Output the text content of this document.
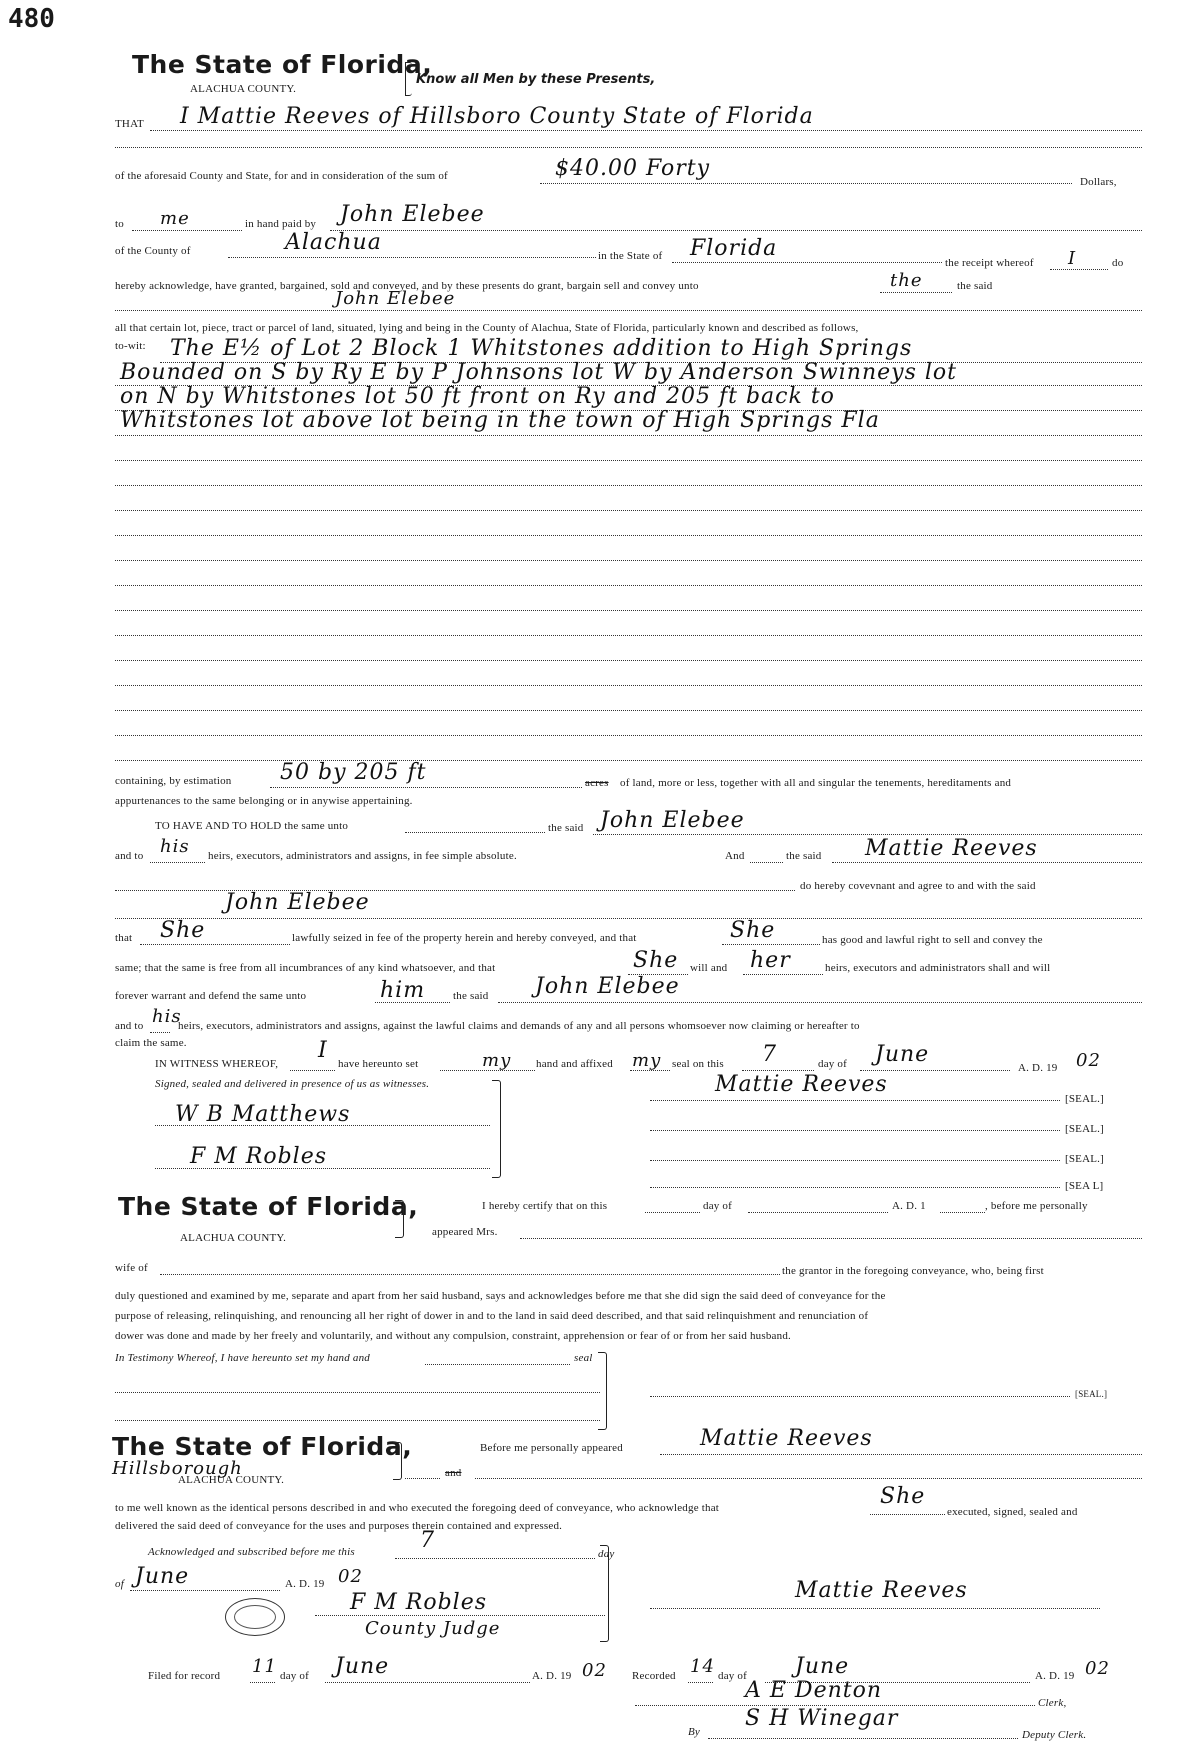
480
The State of Florida,
ALACHUA COUNTY.
Know all Men by these Presents,
THAT I Mattie Reeves of Hillsboro County State of Florida
of the aforesaid County and State, for and in consideration of the sum of	$40.00 Forty
Dollars,
to me	in hand paid by John Elebee
of the County of	Alachua
in the State of Florida
the receipt whereof I	do
hereby acknowledge, have granted, bargained, sold and conveyed, and by these presents do grant, bargain sell and convey unto	the	the said
John Elebee
all that certain lot, piece, tract or parcel of land, situated, lying and being in the County of Alachua, State of Florida, particularly known and described as follows,
to-wit: The E½ of Lot 2 Block 1 Whitstones addition to High Springs
Bounded on S by Ry E by P Johnsons lot W by Anderson Swinneys lot
on N by Whitstones lot 50 ft front on Ry and 205 ft back to
Whitstones lot above lot being in the town of High Springs Fla
containing, by estimation 50 by 205 ft	acres of land, more or less, together with all and singular the tenements, hereditaments and
appurtenances to the same belonging or in anywise appertaining.
TO HAVE AND TO HOLD the same unto	the said John Elebee
and to his heirs, executors, administrators and assigns, in fee simple absolute.	And	the said Mattie Reeves
do hereby covevnant and agree to and with the said
John Elebee
that She	lawfully seized in fee of the property herein and hereby conveyed, and that	She	has good and lawful right to sell and convey the
same; that the same is free from all incumbrances of any kind whatsoever, and that	She will and her	heirs, executors and administrators shall and will
forever warrant and defend the same unto	him	the said John Elebee
and to his
heirs, executors, administrators and assigns, against the lawful claims and demands of any and all persons whomsoever now claiming or hereafter to
claim the same.
IN WITNESS WHEREOF,
I
have hereunto set	my hand and affixed my seal on this 7	day of June
A. D. 19 02
Signed, sealed and delivered in presence of us as witnesses.
W B Matthews
F M Robles
Mattie Reeves
[SEAL.]
[SEAL.]
[SEAL.]
[SEA L]
The State of Florida,
ALACHUA COUNTY.
I hereby certify that on this	day of	A. D. 1	, before me personally
appeared Mrs.
wife of	the grantor in the foregoing conveyance, who, being first
duly questioned and examined by me, separate and apart from her said husband, says and acknowledges before me that she did sign the said deed of conveyance for the
purpose of releasing, relinquishing, and renouncing all her right of dower in and to the land in said deed described, and that said relinquishment and renunciation of
dower was done and made by her freely and voluntarily, and without any compulsion, constraint, apprehension or fear of or from her said husband.
In Testimony Whereof, I have hereunto set my hand and	seal
[SEAL.]
The State of Florida,
Hillsborough
ALACHUA COUNTY.
Before me personally appeared	Mattie Reeves
and
to me well known as the identical persons described in and who executed the foregoing deed of conveyance, who acknowledge that	She
executed, signed, sealed and
delivered the said deed of conveyance for the uses and purposes therein contained and expressed.
Acknowledged and subscribed before me this	7
day
of June	A. D. 19 02
F M Robles
County Judge
Mattie Reeves
Filed for record 11 day of June	A. D. 19 02 Recorded 14 day of June	A. D. 19 02
A E Denton	Clerk,
By
S H Winegar
Deputy Clerk.
